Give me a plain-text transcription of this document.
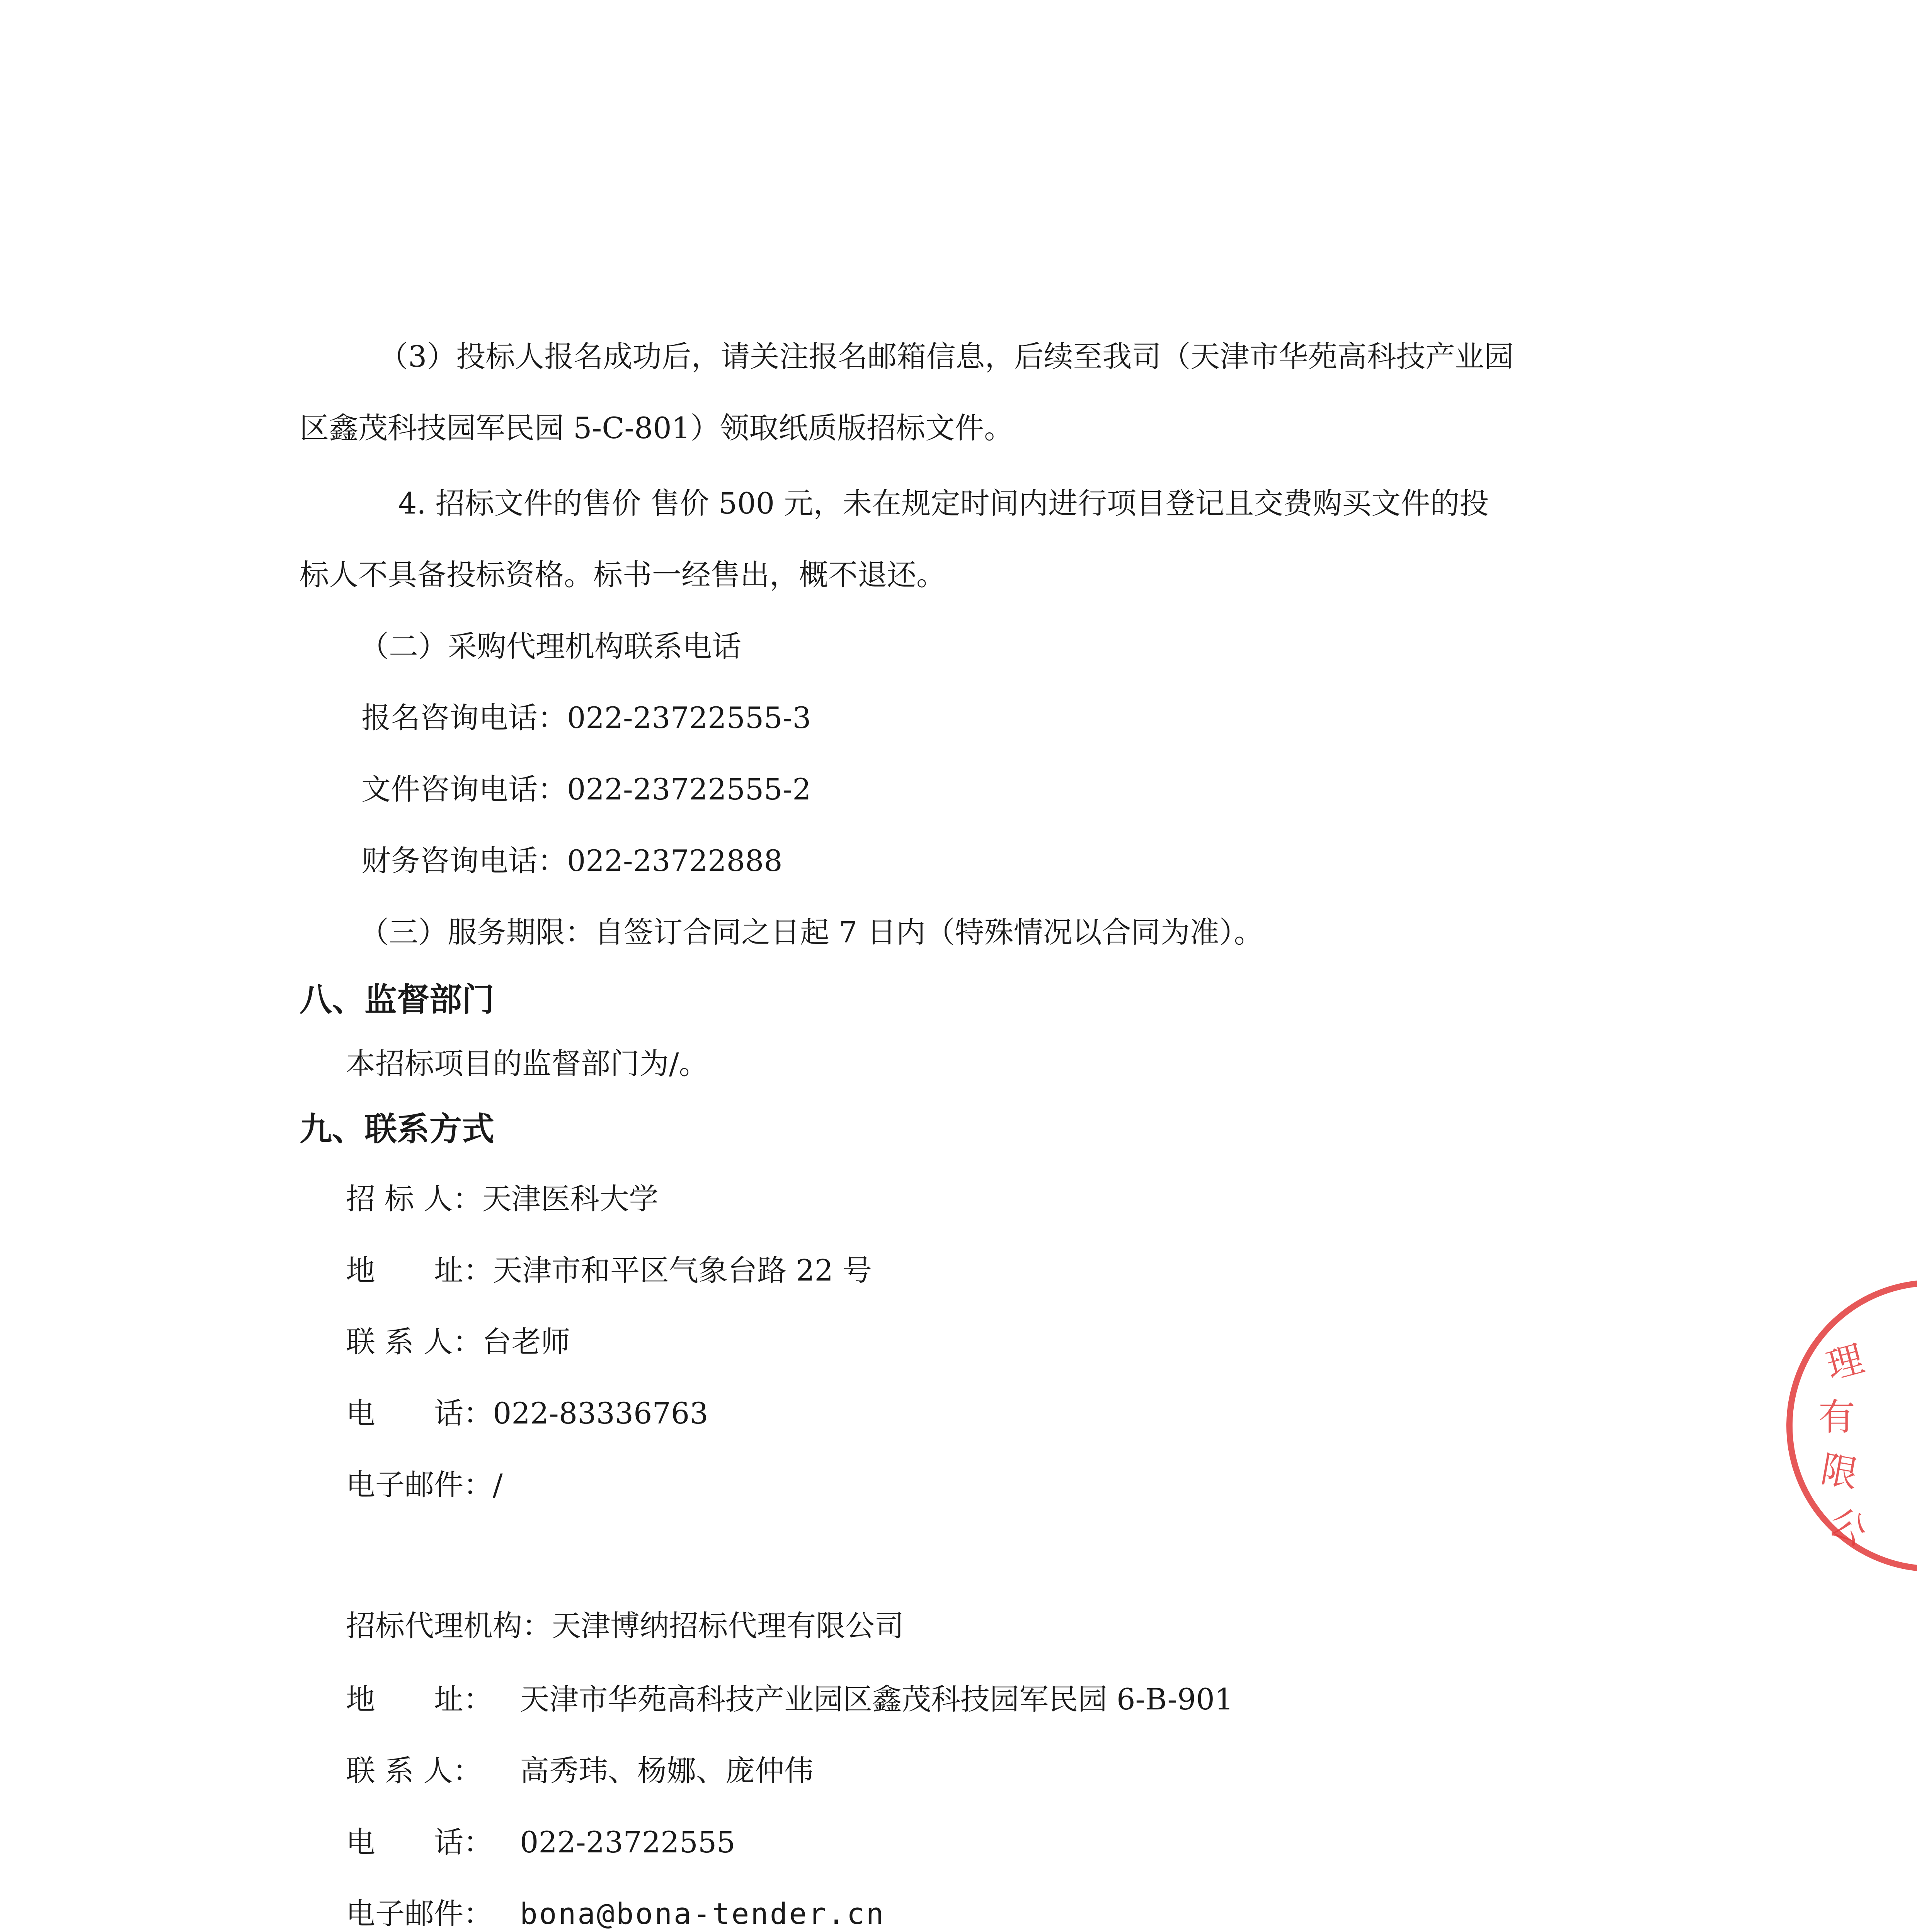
（3）投标人报名成功后，请关注报名邮箱信息，后续至我司（天津市华苑高科技产业园
区鑫茂科技园军民园 5-C-801）领取纸质版招标文件。
4. 招标文件的售价 售价 500 元，未在规定时间内进行项目登记且交费购买文件的投
标人不具备投标资格。标书一经售出，概不退还。
（二）采购代理机构联系电话
报名咨询电话：022-23722555-3
文件咨询电话：022-23722555-2
财务咨询电话：022-23722888
（三）服务期限：自签订合同之日起 7 日内（特殊情况以合同为准）。
八、监督部门
本招标项目的监督部门为/。
九、联系方式
招 标 人：天津医科大学
地　　址：天津市和平区气象台路 22 号
联 系 人：台老师
电　　话：022-83336763
电子邮件：/
招标代理机构：天津博纳招标代理有限公司
地　　址： 天津市华苑高科技产业园区鑫茂科技园军民园 6-B-901
联 系 人： 高秀玮、杨娜、庞仲伟
电　　话： 022-23722555
电子邮件： bona@bona-tender.cn
理
有
限
公
